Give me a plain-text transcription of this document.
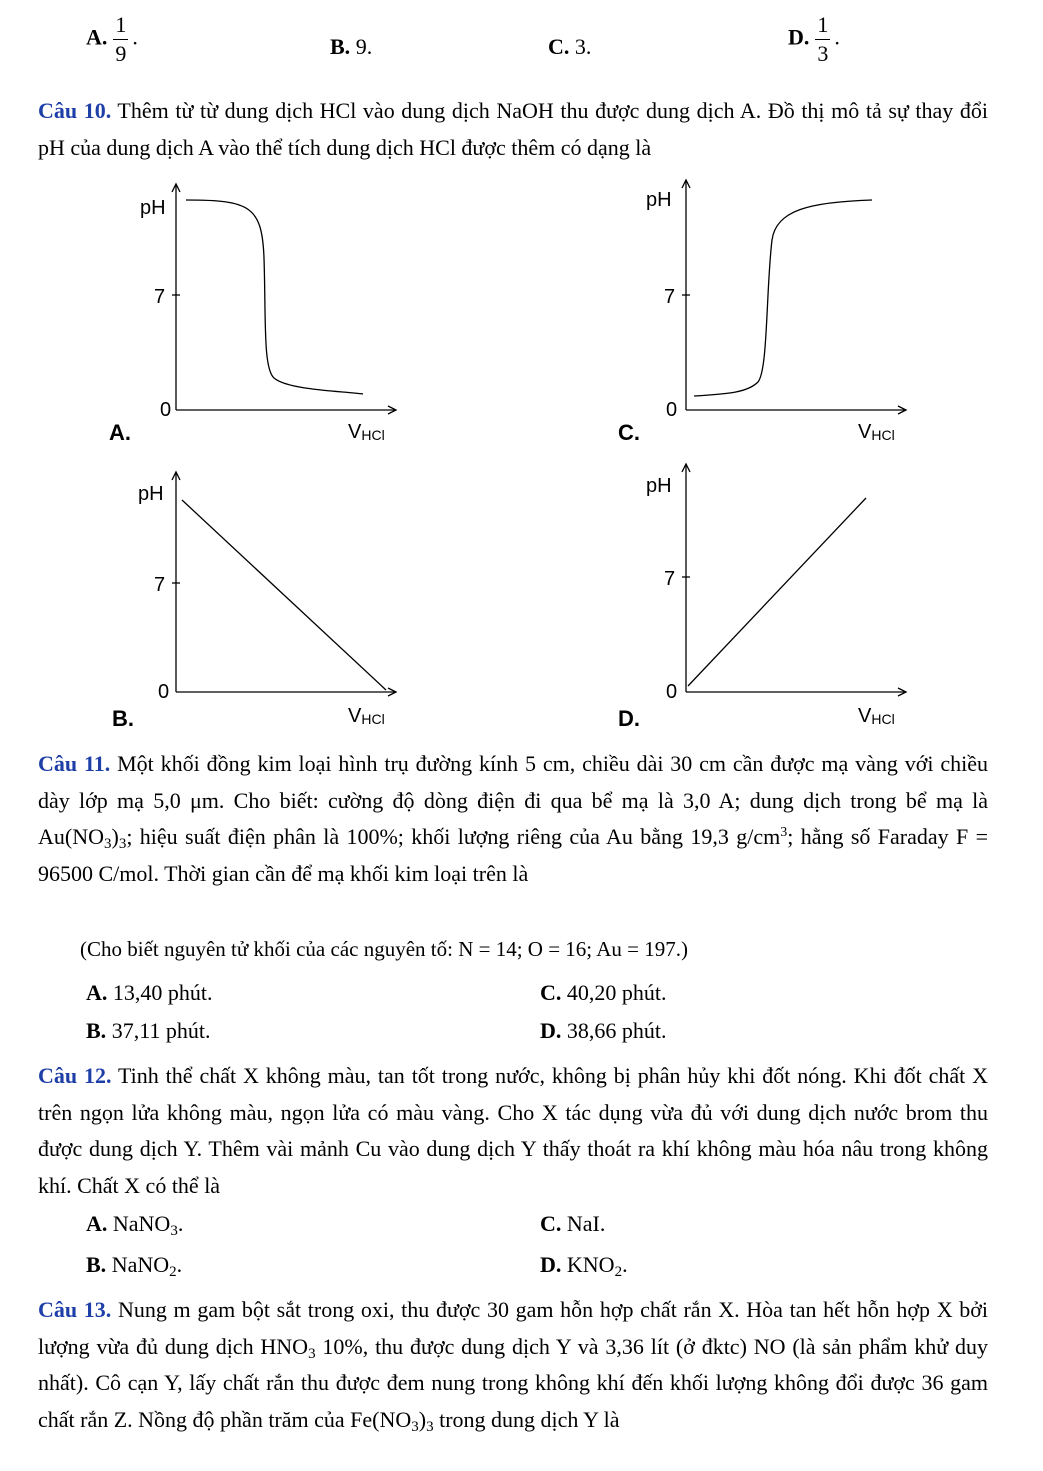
A. $\frac{1}{9}$ .	B. 9.	C. 3.	D. $\frac{1}{3}$ .
Câu 10. Thêm từ từ dung dịch HCl vào dung dịch NaOH thu được dung dịch A. Đồ thị mô tả sự thay đổi pH của dung dịch A vào thể tích dung dịch HCl được thêm có dạng là
pH
7
0
VHCl
A.
pH
7
0
VHCl
C.
pH
7
0
VHCl
B.
pH
7
0
VHCl
D.
Câu 11. Một khối đồng kim loại hình trụ đường kính 5 cm, chiều dài 30 cm cần được mạ vàng với chiều dày lớp mạ 5,0 μm. Cho biết: cường độ dòng điện đi qua bể mạ là 3,0 A; dung dịch trong bể mạ là $Au(NO_3)_3$; hiệu suất điện phân là 100%; khối lượng riêng của Au bằng 19,3 $g/cm^3$; hằng số Faraday F = 96500 C/mol. Thời gian cần để mạ khối kim loại trên là
(Cho biết nguyên tử khối của các nguyên tố: N = 14; O = 16; Au = 197.)
A. 13,40 phút.	C. 40,20 phút.
B. 37,11 phút.	D. 38,66 phút.
Câu 12. Tinh thể chất X không màu, tan tốt trong nước, không bị phân hủy khi đốt nóng. Khi đốt chất X trên ngọn lửa không màu, ngọn lửa có màu vàng. Cho X tác dụng vừa đủ với dung dịch nước brom thu được dung dịch Y. Thêm vài mảnh Cu vào dung dịch Y thấy thoát ra khí không màu hóa nâu trong không khí. Chất X có thể là
A. NaNO$_3$.	C. NaI.
B. NaNO$_2$.	D. $KNO_2$.
Câu 13. Nung m gam bột sắt trong oxi, thu được 30 gam hỗn hợp chất rắn X. Hòa tan hết hỗn hợp X bởi lượng vừa đủ dung dịch $HNO_3$ 10%, thu được dung dịch Y và 3,36 lít (ở đktc) NO (là sản phẩm khử duy nhất). Cô cạn Y, lấy chất rắn thu được đem nung trong không khí đến khối lượng không đổi được 36 gam chất rắn Z. Nồng độ phần trăm của $Fe(NO_3)_3$ trong dung dịch Y là
